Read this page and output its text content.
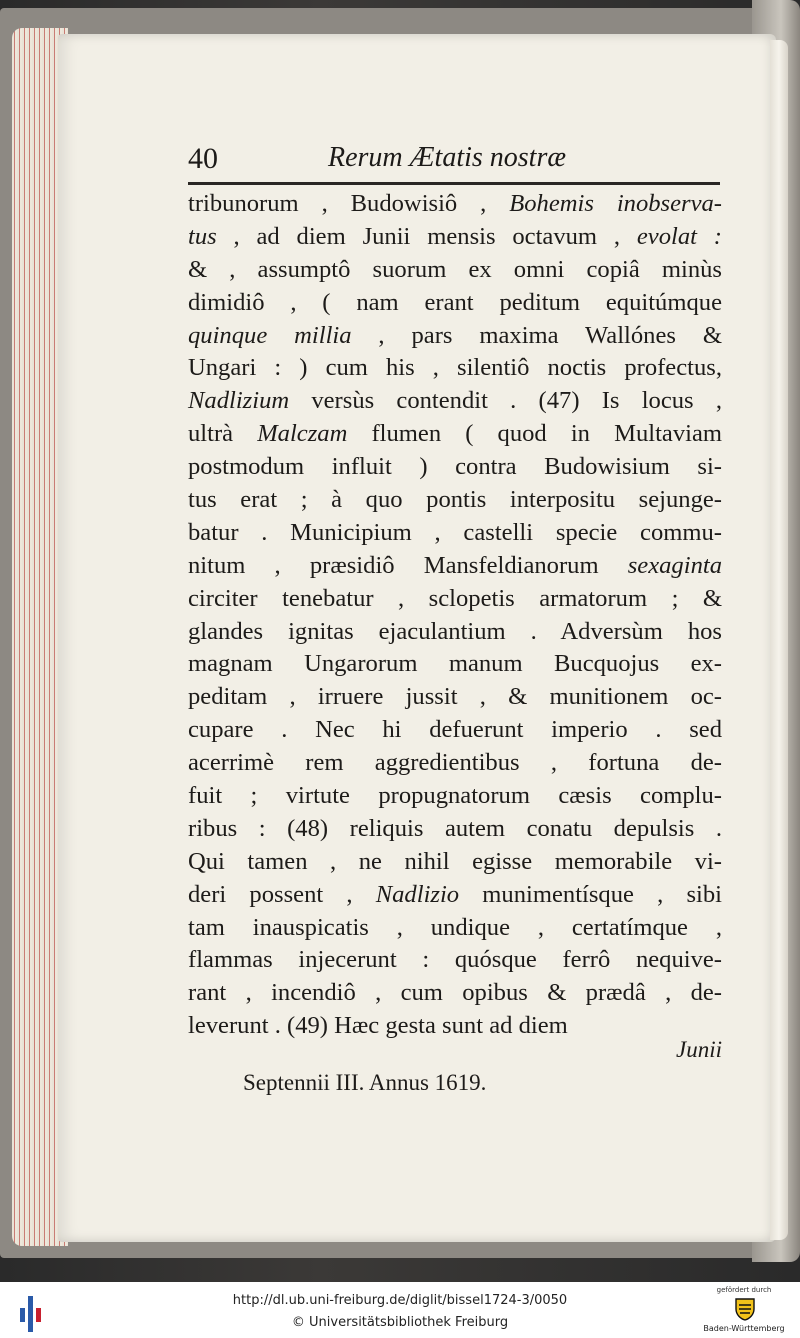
40	Rerum Ætatis nostræ
tribunorum , Budowisiô , Bohemis inobserva-
tus , ad diem Junii mensis octavum , evolat :
& , assumptô suorum ex omni copiâ minùs
dimidiô , ( nam erant peditum equitúmque
quinque millia , pars maxima Wallónes &
Ungari : ) cum his , silentiô noctis profectus,
Nadlizium versùs contendit . (47) Is locus ,
ultrà Malczam flumen ( quod in Multaviam
postmodum influit ) contra Budowisium si-
tus erat ; à quo pontis interpositu sejunge-
batur . Municipium , castelli specie commu-
nitum , præsidiô Mansfeldianorum sexaginta
circiter tenebatur , sclopetis armatorum ; &
glandes ignitas ejaculantium . Adversùm hos
magnam Ungarorum manum Bucquojus ex-
peditam , irruere jussit , & munitionem oc-
cupare . Nec hi defuerunt imperio . sed
acerrimè rem aggredientibus , fortuna de-
fuit ; virtute propugnatorum cæsis complu-
ribus : (48) reliquis autem conatu depulsis .
Qui tamen , ne nihil egisse memorabile vi-
deri possent , Nadlizio munimentísque , sibi
tam inauspicatis , undique , certatímque ,
flammas injecerunt : quósque ferrô nequive-
rant , incendiô , cum opibus & prædâ , de-
leverunt . (49) Hæc gesta sunt ad diem
Junii
Septennii III. Annus 1619.
http://dl.ub.uni-freiburg.de/diglit/bissel1724-3/0050
© Universitätsbibliothek Freiburg
gefördert durch
Baden-Württemberg
